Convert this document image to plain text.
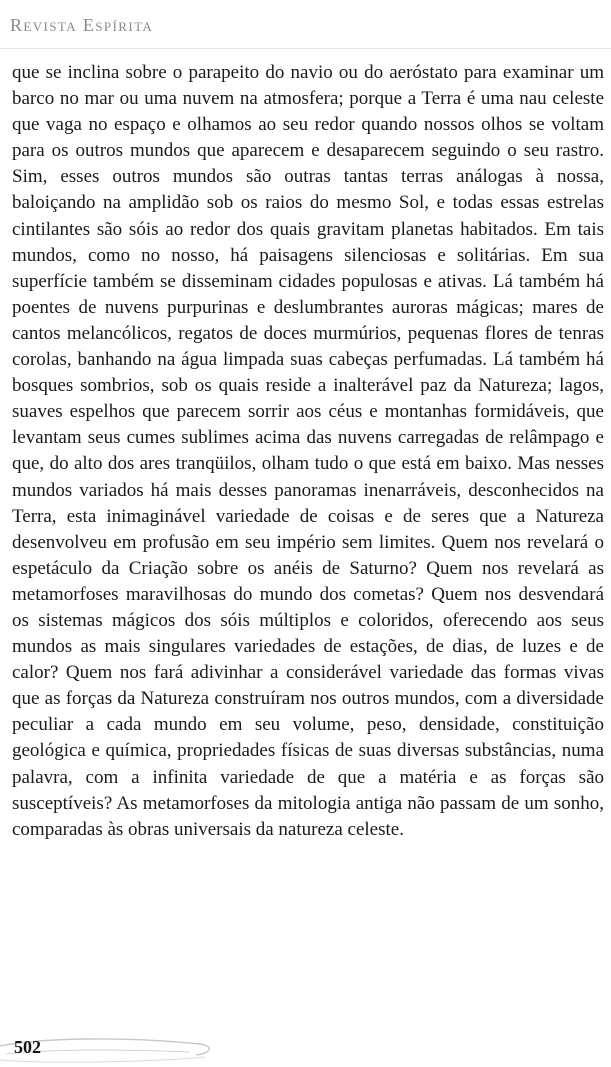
Revista Espírita

que se inclina sobre o parapeito do navio ou do aeróstato para examinar um barco no mar ou uma nuvem na atmosfera; porque a Terra é uma nau celeste que vaga no espaço e olhamos ao seu redor quando nossos olhos se voltam para os outros mundos que aparecem e desaparecem seguindo o seu rastro. Sim, esses outros mundos são outras tantas terras análogas à nossa, baloiçando na amplidão sob os raios do mesmo Sol, e todas essas estrelas cintilantes são sóis ao redor dos quais gravitam planetas habitados. Em tais mundos, como no nosso, há paisagens silenciosas e solitárias. Em sua superfície também se disseminam cidades populosas e ativas. Lá também há poentes de nuvens purpurinas e deslumbrantes auroras mágicas; mares de cantos melancólicos, regatos de doces murmúrios, pequenas flores de tenras corolas, banhando na água limpada suas cabeças perfumadas. Lá também há bosques sombrios, sob os quais reside a inalterável paz da Natureza; lagos, suaves espelhos que parecem sorrir aos céus e montanhas formidáveis, que levantam seus cumes sublimes acima das nuvens carregadas de relâmpago e que, do alto dos ares tranqüilos, olham tudo o que está em baixo. Mas nesses mundos variados há mais desses panoramas inenarráveis, desconhecidos na Terra, esta inimaginável variedade de coisas e de seres que a Natureza desenvolveu em profusão em seu império sem limites. Quem nos revelará o espetáculo da Criação sobre os anéis de Saturno? Quem nos revelará as metamorfoses maravilhosas do mundo dos cometas? Quem nos desvendará os sistemas mágicos dos sóis múltiplos e coloridos, oferecendo aos seus mundos as mais singulares variedades de estações, de dias, de luzes e de calor? Quem nos fará adivinhar a considerável variedade das formas vivas que as forças da Natureza construíram nos outros mundos, com a diversidade peculiar a cada mundo em seu volume, peso, densidade, constituição geológica e química, propriedades físicas de suas diversas substâncias, numa palavra, com a infinita variedade de que a matéria e as forças são susceptíveis? As metamorfoses da mitologia antiga não passam de um sonho, comparadas às obras universais da natureza celeste.

502
